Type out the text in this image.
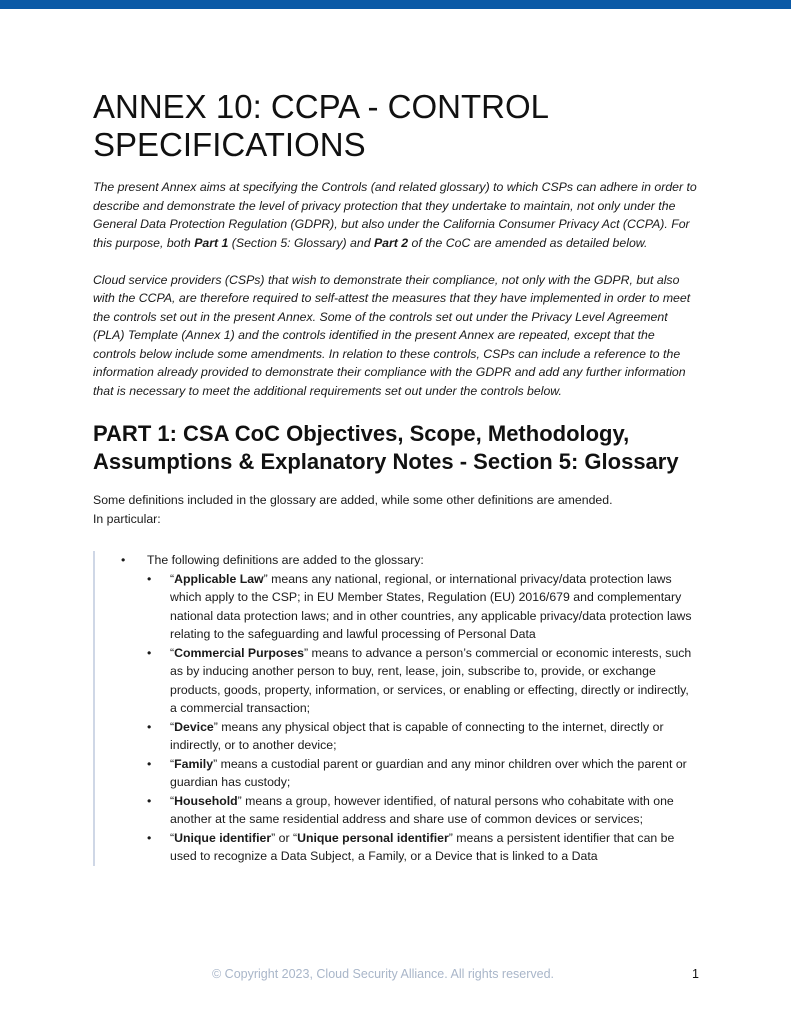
ANNEX 10: CCPA - CONTROL SPECIFICATIONS

The present Annex aims at specifying the Controls (and related glossary) to which CSPs can adhere in order to describe and demonstrate the level of privacy protection that they undertake to maintain, not only under the General Data Protection Regulation (GDPR), but also under the California Consumer Privacy Act (CCPA). For this purpose, both Part 1 (Section 5: Glossary) and Part 2 of the CoC are amended as detailed below.

Cloud service providers (CSPs) that wish to demonstrate their compliance, not only with the GDPR, but also with the CCPA, are therefore required to self-attest the measures that they have implemented in order to meet the controls set out in the present Annex. Some of the controls set out under the Privacy Level Agreement (PLA) Template (Annex 1) and the controls identified in the present Annex are repeated, except that the controls below include some amendments. In relation to these controls, CSPs can include a reference to the information already provided to demonstrate their compliance with the GDPR and add any further information that is necessary to meet the additional requirements set out under the controls below.

PART 1: CSA CoC Objectives, Scope, Methodology, Assumptions & Explanatory Notes - Section 5: Glossary

Some definitions included in the glossary are added, while some other definitions are amended.
In particular:

• The following definitions are added to the glossary:
• “Applicable Law” means any national, regional, or international privacy/data protection laws which apply to the CSP; in EU Member States, Regulation (EU) 2016/679 and complementary national data protection laws; and in other countries, any applicable privacy/data protection laws relating to the safeguarding and lawful processing of Personal Data
• “Commercial Purposes” means to advance a person’s commercial or economic interests, such as by inducing another person to buy, rent, lease, join, subscribe to, provide, or exchange products, goods, property, information, or services, or enabling or effecting, directly or indirectly, a commercial transaction;
• “Device” means any physical object that is capable of connecting to the internet, directly or indirectly, or to another device;
• “Family” means a custodial parent or guardian and any minor children over which the parent or guardian has custody;
• “Household” means a group, however identified, of natural persons who cohabitate with one another at the same residential address and share use of common devices or services;
• “Unique identifier” or “Unique personal identifier” means a persistent identifier that can be used to recognize a Data Subject, a Family, or a Device that is linked to a Data
© Copyright 2023, Cloud Security Alliance. All rights reserved.	1
